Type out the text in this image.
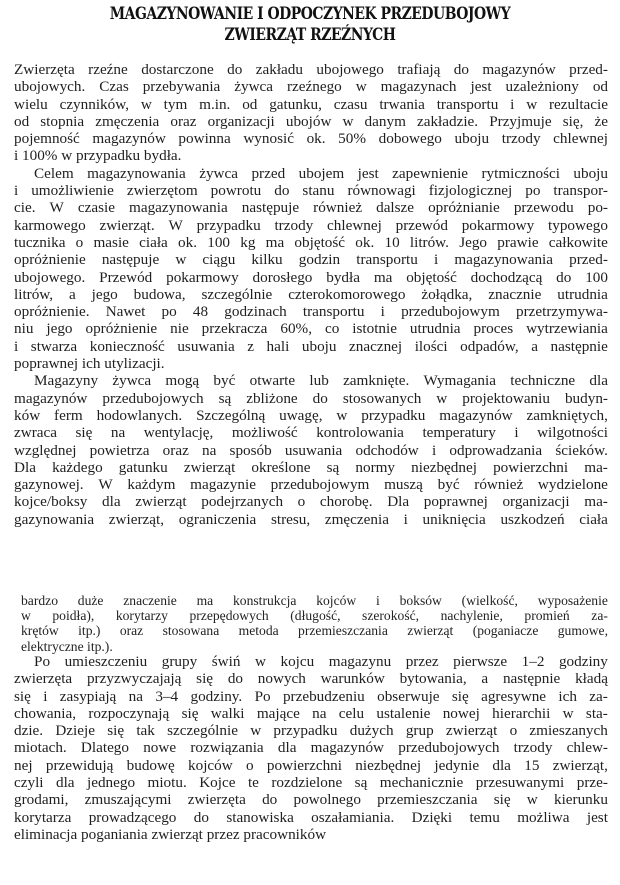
MAGAZYNOWANIE I ODPOCZYNEK PRZEDUBOJOWY
ZWIERZĄT RZEŹNYCH
Zwierzęta rzeźne dostarczone do zakładu ubojowego trafiają do magazynów przed-
ubojowych. Czas przebywania żywca rzeźnego w magazynach jest uzależniony od
wielu czynników, w tym m.in. od gatunku, czasu trwania transportu i w rezultacie
od stopnia zmęczenia oraz organizacji ubojów w danym zakładzie. Przyjmuje się, że
pojemność magazynów powinna wynosić ok. 50% dobowego uboju trzody chlewnej
i 100% w przypadku bydła.
Celem magazynowania żywca przed ubojem jest zapewnienie rytmiczności uboju
i umożliwienie zwierzętom powrotu do stanu równowagi fizjologicznej po transpor-
cie. W czasie magazynowania następuje również dalsze opróżnianie przewodu po-
karmowego zwierząt. W przypadku trzody chlewnej przewód pokarmowy typowego
tucznika o masie ciała ok. 100 kg ma objętość ok. 10 litrów. Jego prawie całkowite
opróżnienie następuje w ciągu kilku godzin transportu i magazynowania przed-
ubojowego. Przewód pokarmowy dorosłego bydła ma objętość dochodzącą do 100
litrów, a jego budowa, szczególnie czterokomorowego żołądka, znacznie utrudnia
opróżnienie. Nawet po 48 godzinach transportu i przedubojowym przetrzymywa-
niu jego opróżnienie nie przekracza 60%, co istotnie utrudnia proces wytrzewiania
i stwarza konieczność usuwania z hali uboju znacznej ilości odpadów, a następnie
poprawnej ich utylizacji.
Magazyny żywca mogą być otwarte lub zamknięte. Wymagania techniczne dla
magazynów przedubojowych są zbliżone do stosowanych w projektowaniu budyn-
ków ferm hodowlanych. Szczególną uwagę, w przypadku magazynów zamkniętych,
zwraca się na wentylację, możliwość kontrolowania temperatury i wilgotności
względnej powietrza oraz na sposób usuwania odchodów i odprowadzania ścieków.
Dla każdego gatunku zwierząt określone są normy niezbędnej powierzchni ma-
gazynowej. W każdym magazynie przedubojowym muszą być również wydzielone
kojce/boksy dla zwierząt podejrzanych o chorobę. Dla poprawnej organizacji ma-
gazynowania zwierząt, ograniczenia stresu, zmęczenia i uniknięcia uszkodzeń ciała
bardzo duże znaczenie ma konstrukcja kojców i boksów (wielkość, wyposażenie
w poidła), korytarzy przepędowych (długość, szerokość, nachylenie, promień za-
krętów itp.) oraz stosowana metoda przemieszczania zwierząt (poganiacze gumowe,
elektryczne itp.).
Po umieszczeniu grupy świń w kojcu magazynu przez pierwsze 1–2 godziny
zwierzęta przyzwyczajają się do nowych warunków bytowania, a następnie kładą
się i zasypiają na 3–4 godziny. Po przebudzeniu obserwuje się agresywne ich za-
chowania, rozpoczynają się walki mające na celu ustalenie nowej hierarchii w sta-
dzie. Dzieje się tak szczególnie w przypadku dużych grup zwierząt o zmieszanych
miotach. Dlatego nowe rozwiązania dla magazynów przedubojowych trzody chlew-
nej przewidują budowę kojców o powierzchni niezbędnej jedynie dla 15 zwierząt,
czyli dla jednego miotu. Kojce te rozdzielone są mechanicznie przesuwanymi prze-
grodami, zmuszającymi zwierzęta do powolnego przemieszczania się w kierunku
korytarza prowadzącego do stanowiska oszałamiania. Dzięki temu możliwa jest
eliminacja poganiania zwierząt przez pracowników
